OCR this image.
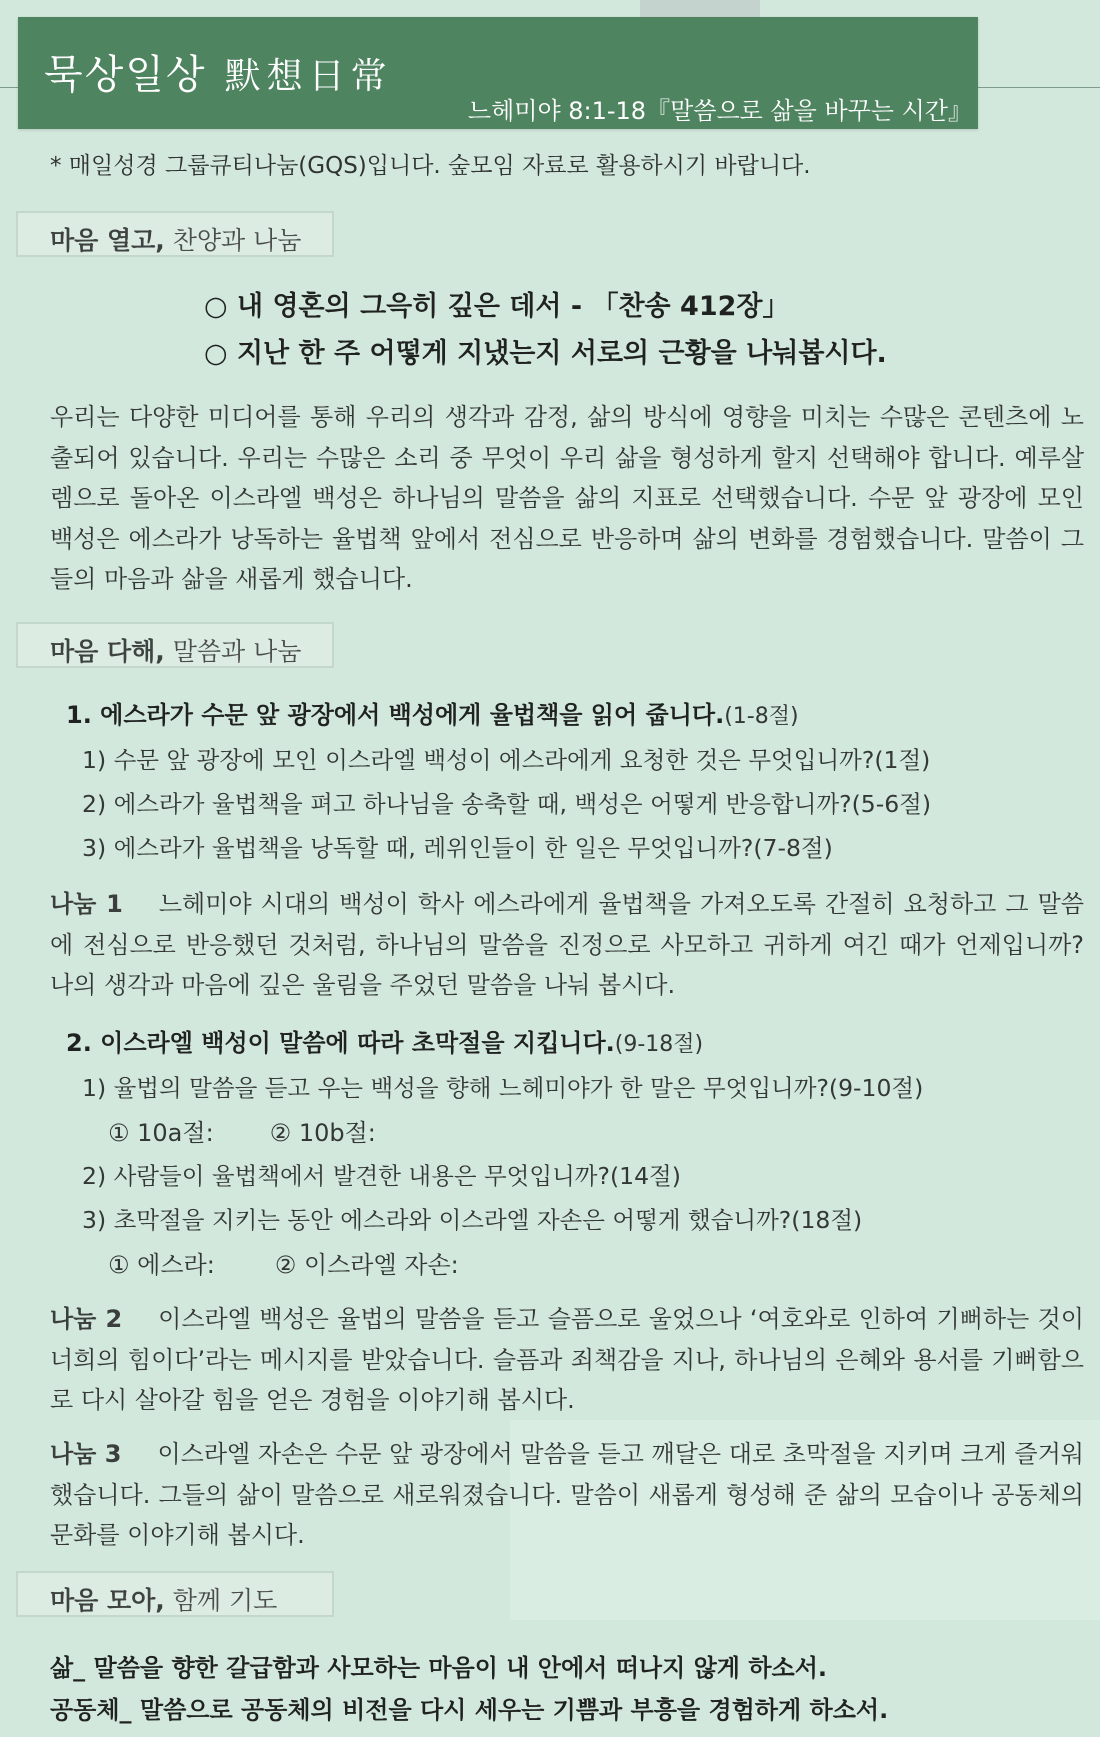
묵상일상 默想日常
느헤미야 8:1-18『말씀으로 삶을 바꾸는 시간』
* 매일성경 그룹큐티나눔(GQS)입니다. 숲모임 자료로 활용하시기 바랍니다.
마음 열고, 찬양과 나눔
○ 내 영혼의 그윽히 깊은 데서 - 「찬송 412장」
○ 지난 한 주 어떻게 지냈는지 서로의 근황을 나눠봅시다.
우리는 다양한 미디어를 통해 우리의 생각과 감정, 삶의 방식에 영향을 미치는 수많은 콘텐츠에 노출되어 있습니다. 우리는 수많은 소리 중 무엇이 우리 삶을 형성하게 할지 선택해야 합니다. 예루살렘으로 돌아온 이스라엘 백성은 하나님의 말씀을 삶의 지표로 선택했습니다. 수문 앞 광장에 모인 백성은 에스라가 낭독하는 율법책 앞에서 전심으로 반응하며 삶의 변화를 경험했습니다. 말씀이 그들의 마음과 삶을 새롭게 했습니다.
마음 다해, 말씀과 나눔
1. 에스라가 수문 앞 광장에서 백성에게 율법책을 읽어 줍니다.(1-8절)
1) 수문 앞 광장에 모인 이스라엘 백성이 에스라에게 요청한 것은 무엇입니까?(1절)
2) 에스라가 율법책을 펴고 하나님을 송축할 때, 백성은 어떻게 반응합니까?(5-6절)
3) 에스라가 율법책을 낭독할 때, 레위인들이 한 일은 무엇입니까?(7-8절)
나눔 1 느헤미야 시대의 백성이 학사 에스라에게 율법책을 가져오도록 간절히 요청하고 그 말씀에 전심으로 반응했던 것처럼, 하나님의 말씀을 진정으로 사모하고 귀하게 여긴 때가 언제입니까? 나의 생각과 마음에 깊은 울림을 주었던 말씀을 나눠 봅시다.
2. 이스라엘 백성이 말씀에 따라 초막절을 지킵니다.(9-18절)
1) 율법의 말씀을 듣고 우는 백성을 향해 느헤미야가 한 말은 무엇입니까?(9-10절)
① 10a절: ② 10b절:
2) 사람들이 율법책에서 발견한 내용은 무엇입니까?(14절)
3) 초막절을 지키는 동안 에스라와 이스라엘 자손은 어떻게 했습니까?(18절)
① 에스라:	② 이스라엘 자손:
나눔 2 이스라엘 백성은 율법의 말씀을 듣고 슬픔으로 울었으나 ‘여호와로 인하여 기뻐하는 것이 너희의 힘이다’라는 메시지를 받았습니다. 슬픔과 죄책감을 지나, 하나님의 은혜와 용서를 기뻐함으로 다시 살아갈 힘을 얻은 경험을 이야기해 봅시다.
나눔 3 이스라엘 자손은 수문 앞 광장에서 말씀을 듣고 깨달은 대로 초막절을 지키며 크게 즐거워했습니다. 그들의 삶이 말씀으로 새로워졌습니다. 말씀이 새롭게 형성해 준 삶의 모습이나 공동체의 문화를 이야기해 봅시다.
마음 모아, 함께 기도
삶_ 말씀을 향한 갈급함과 사모하는 마음이 내 안에서 떠나지 않게 하소서.
공동체_ 말씀으로 공동체의 비전을 다시 세우는 기쁨과 부흥을 경험하게 하소서.
